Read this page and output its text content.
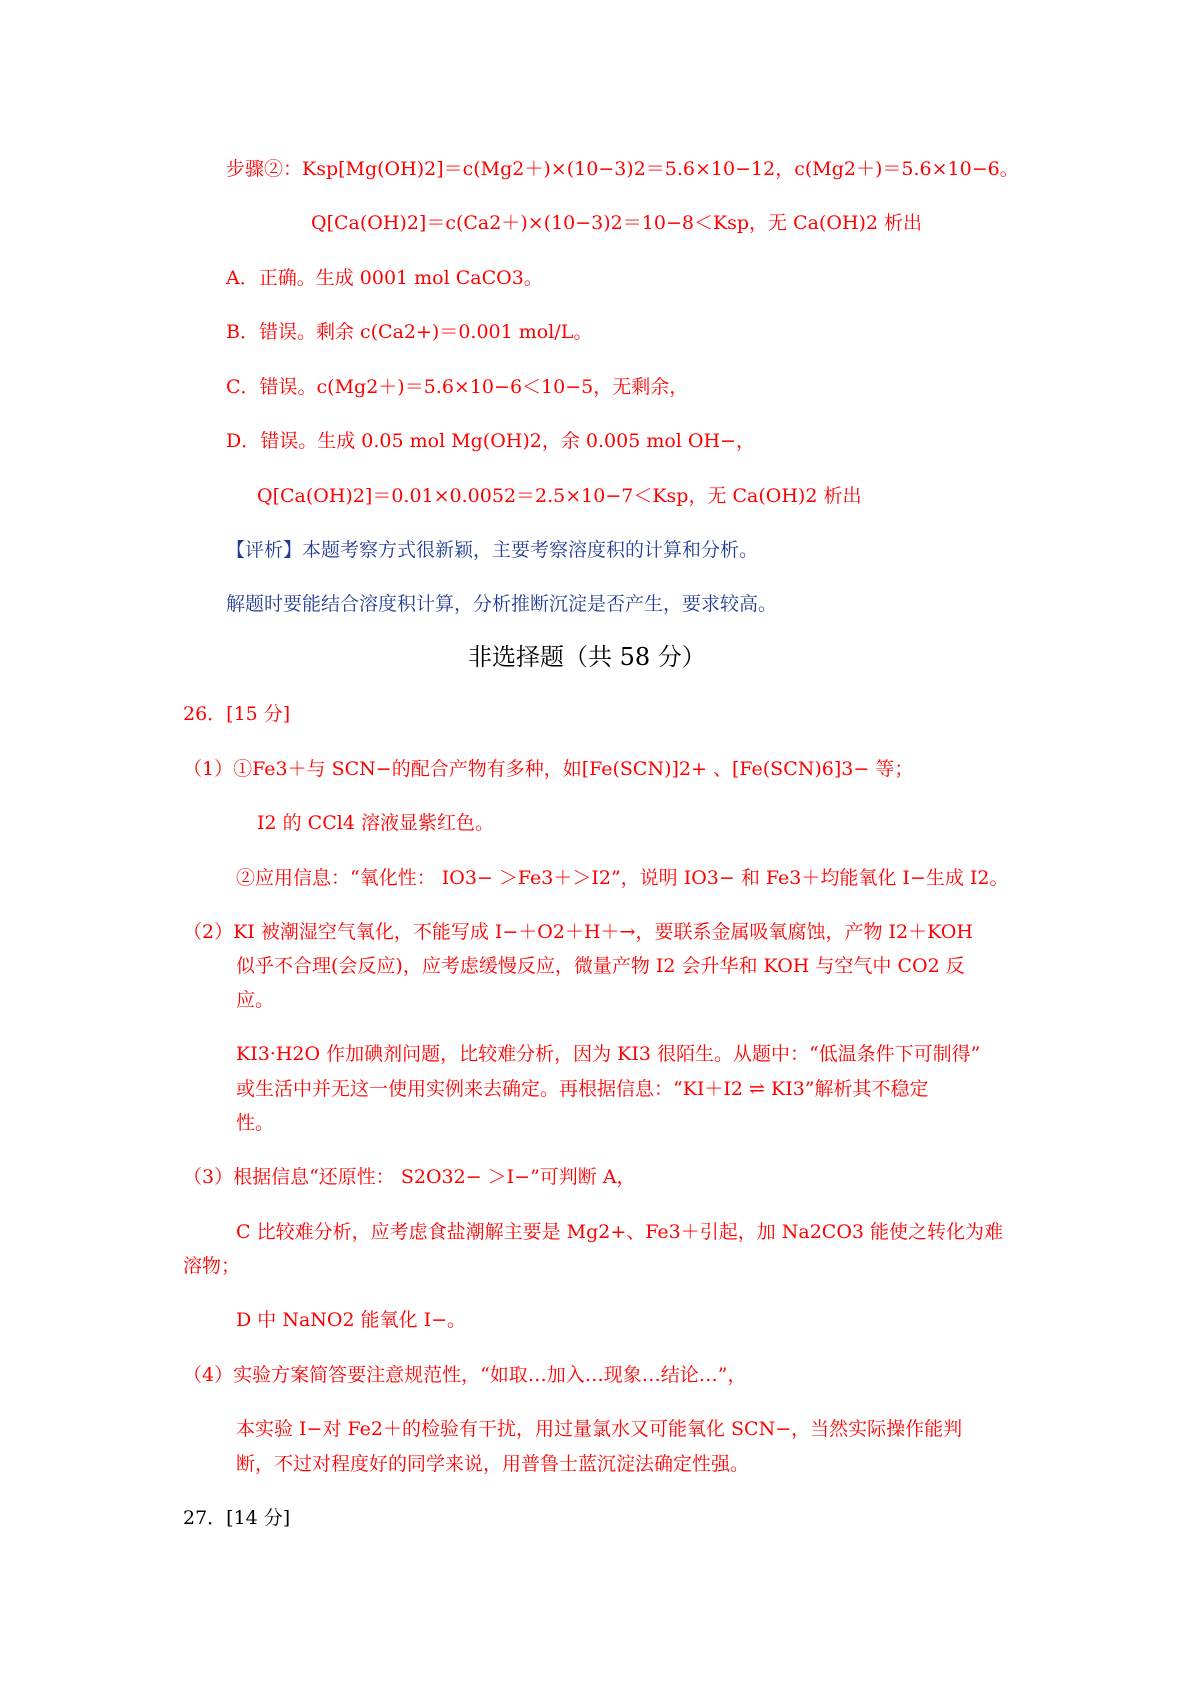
步骤②：Ksp[Mg(OH)2]＝c(Mg2＋)×(10−3)2＝5.6×10−12，c(Mg2＋)＝5.6×10−6。
Q[Ca(OH)2]＝c(Ca2＋)×(10−3)2＝10−8＜Ksp，无 Ca(OH)2 析出
A．正确。生成 0001 mol CaCO3。
B．错误。剩余 c(Ca2+)＝0.001 mol/L。
C．错误。c(Mg2＋)＝5.6×10−6＜10−5，无剩余，
D．错误。生成 0.05 mol Mg(OH)2，余 0.005 mol OH−，
Q[Ca(OH)2]＝0.01×0.0052＝2.5×10−7＜Ksp，无 Ca(OH)2 析出
【评析】本题考察方式很新颖，主要考察溶度积的计算和分析。
解题时要能结合溶度积计算，分析推断沉淀是否产生，要求较高。
非选择题（共 58 分）
26．[15 分]
（1）①Fe3＋与 SCN−的配合产物有多种，如[Fe(SCN)]2+ 、[Fe(SCN)6]3− 等；
I2 的 CCl4 溶液显紫红色。
②应用信息：“氧化性： IO3− ＞Fe3＋＞I2”，说明 IO3− 和 Fe3＋均能氧化 I−生成 I2。
（2）KI 被潮湿空气氧化，不能写成 I−＋O2＋H＋→，要联系金属吸氧腐蚀，产物 I2＋KOH
似乎不合理(会反应)，应考虑缓慢反应，微量产物 I2 会升华和 KOH 与空气中 CO2 反
应。
KI3·H2O 作加碘剂问题，比较难分析，因为 KI3 很陌生。从题中：“低温条件下可制得”
或生活中并无这一使用实例来去确定。再根据信息：“KI＋I2 ⇌ KI3”解析其不稳定
性。
（3）根据信息“还原性： S2O32− ＞I−”可判断 A，
C 比较难分析，应考虑食盐潮解主要是 Mg2+、Fe3＋引起，加 Na2CO3 能使之转化为难
溶物；
D 中 NaNO2 能氧化 I−。
（4）实验方案简答要注意规范性，“如取…加入…现象…结论…”，
本实验 I−对 Fe2＋的检验有干扰，用过量氯水又可能氧化 SCN−，当然实际操作能判
断，不过对程度好的同学来说，用普鲁士蓝沉淀法确定性强。
27．[14 分]
